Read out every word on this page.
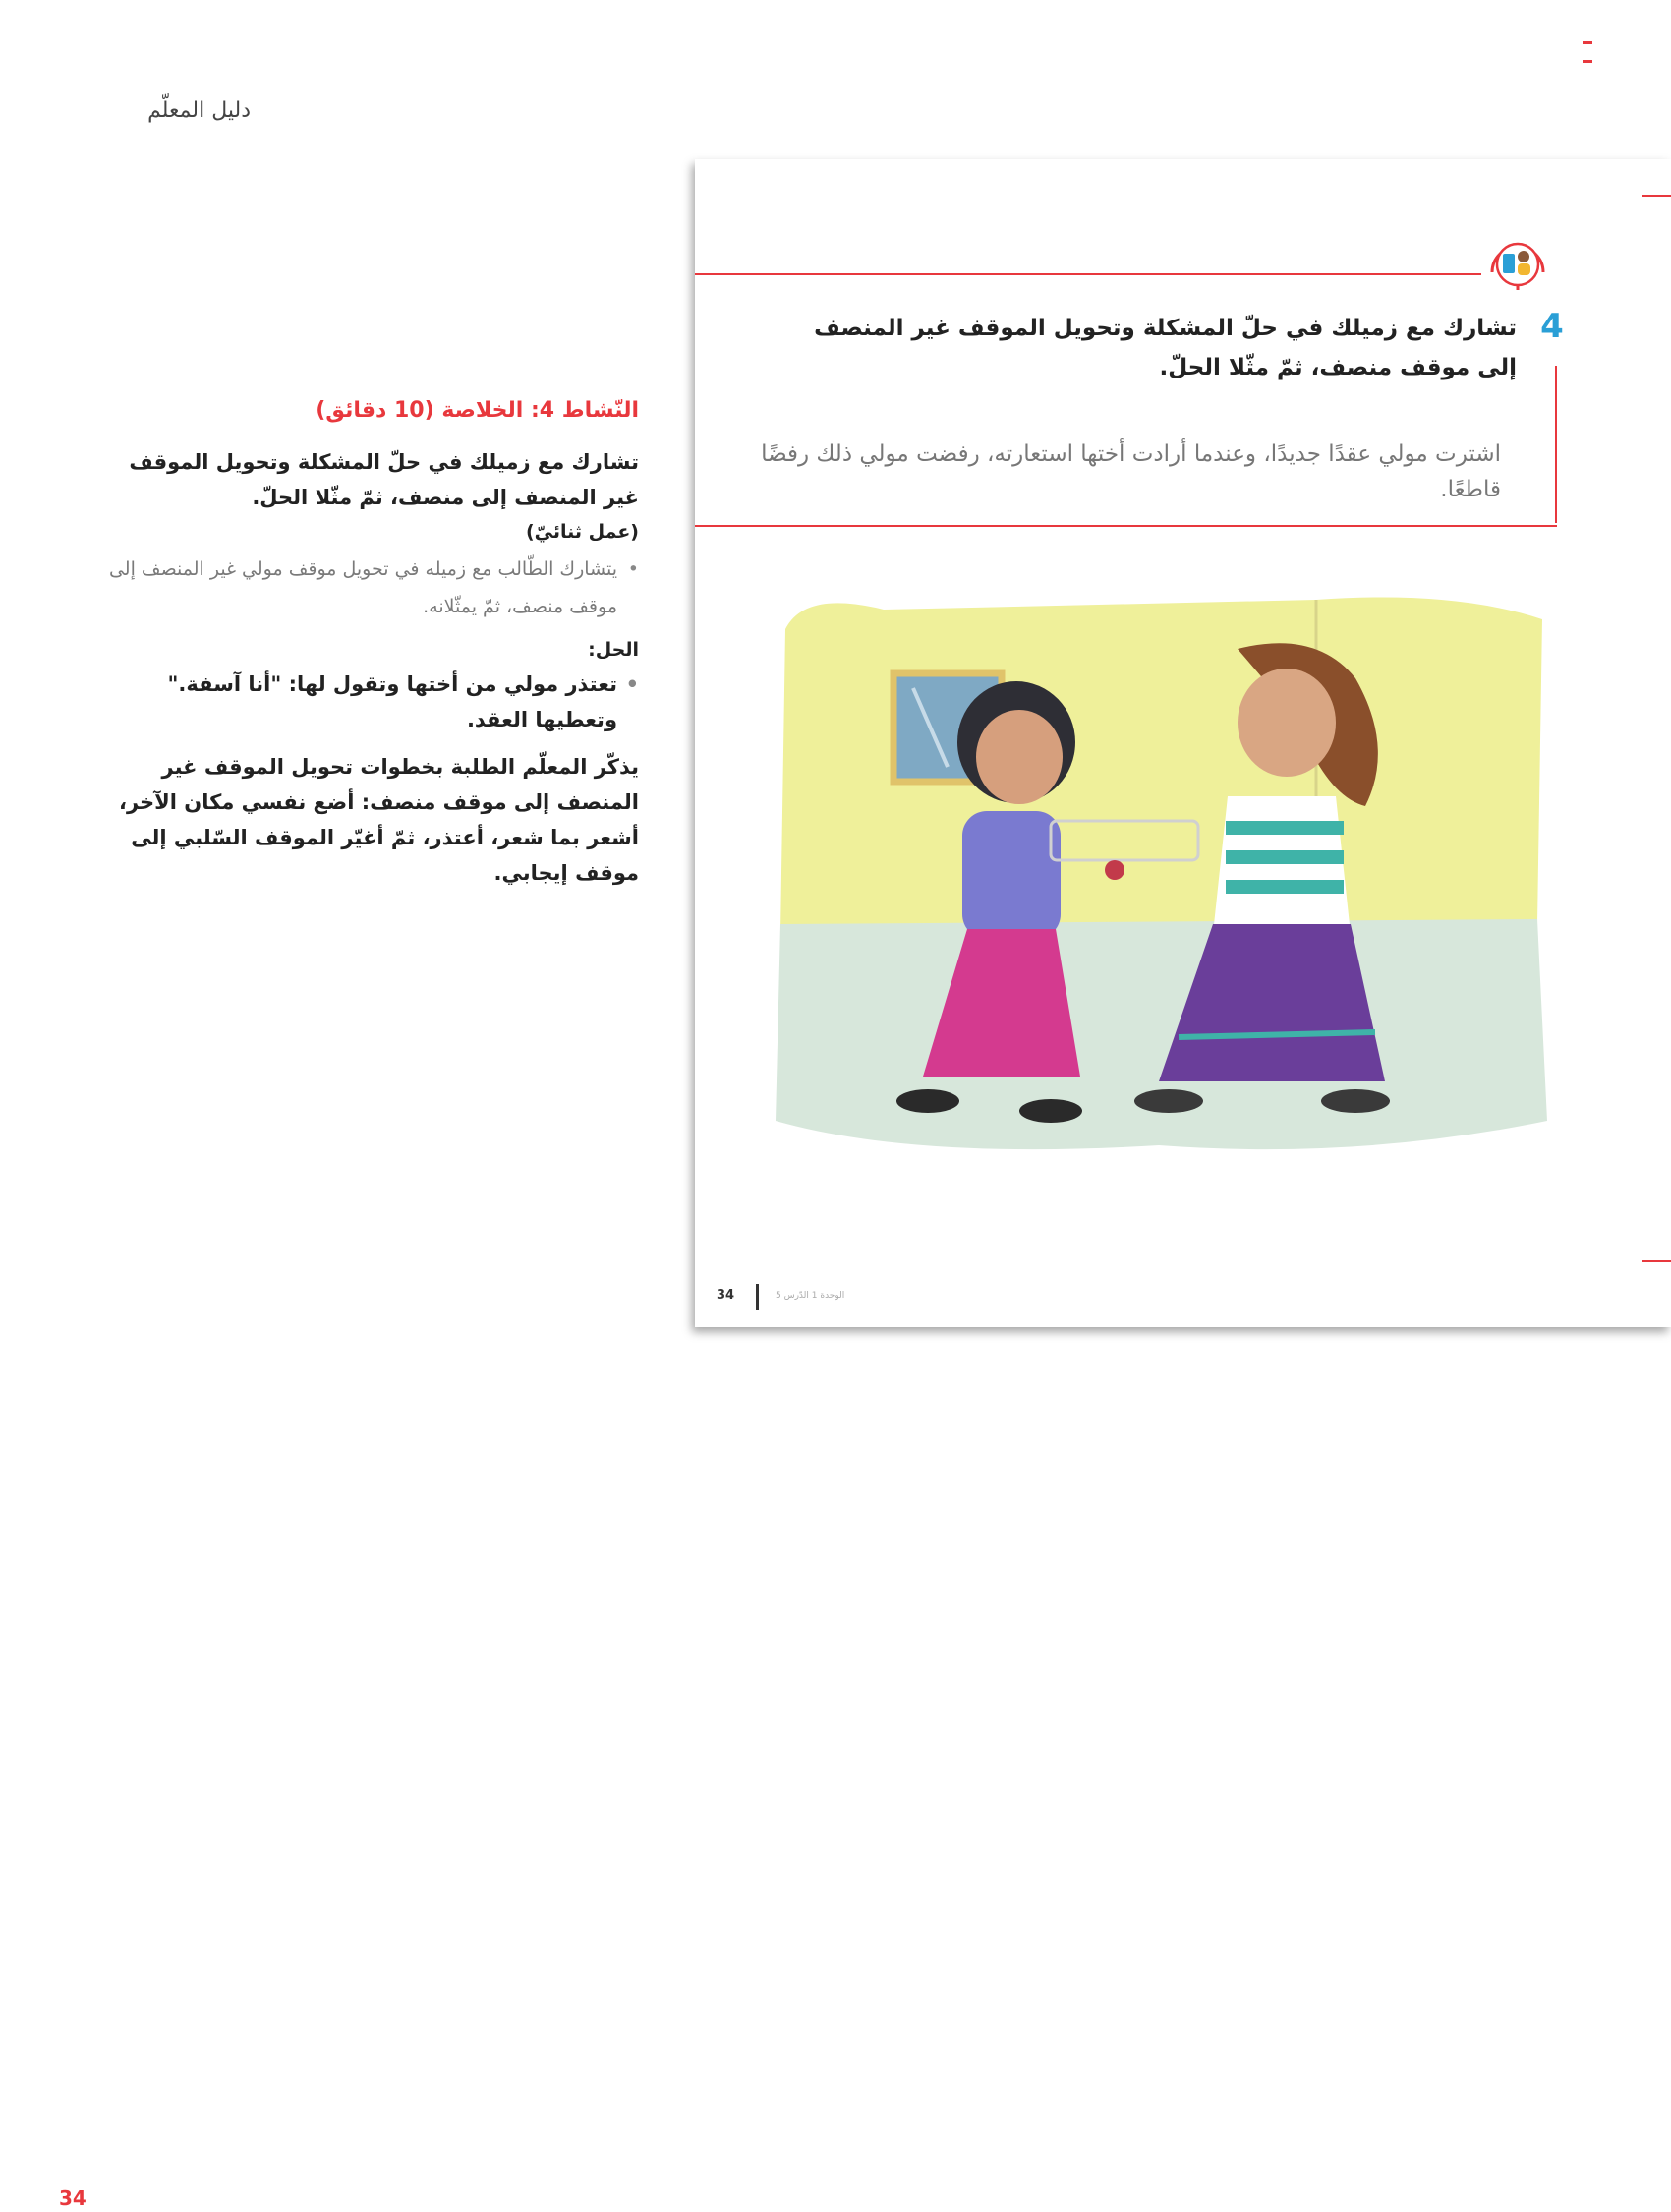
دليل المعلّم

النّشاط 4: الخلاصة (10 دقائق)

تشارك مع زميلك في حلّ المشكلة وتحويل الموقف غير المنصف إلى منصف، ثمّ مثّلا الحلّ.

(عمل ثنائيّ)

• يتشارك الطّالب مع زميله في تحويل موقف مولي غير المنصف إلى موقف منصف، ثمّ يمثّلانه.

الحل:

• تعتذر مولي من أختها وتقول لها: "أنا آسفة." وتعطيها العقد.

يذكّر المعلّم الطلبة بخطوات تحويل الموقف غير المنصف إلى موقف منصف: أضع نفسي مكان الآخر، أشعر بما شعر، أعتذر، ثمّ أغيّر الموقف السّلبي إلى موقف إيجابي.

4

تشارك مع زميلك في حلّ المشكلة وتحويل الموقف غير المنصف إلى موقف منصف، ثمّ مثّلا الحلّ.

اشترت مولي عقدًا جديدًا، وعندما أرادت أختها استعارته، رفضت مولي ذلك رفضًا قاطعًا.

34	الوحدة 1 الدّرس 5
34
